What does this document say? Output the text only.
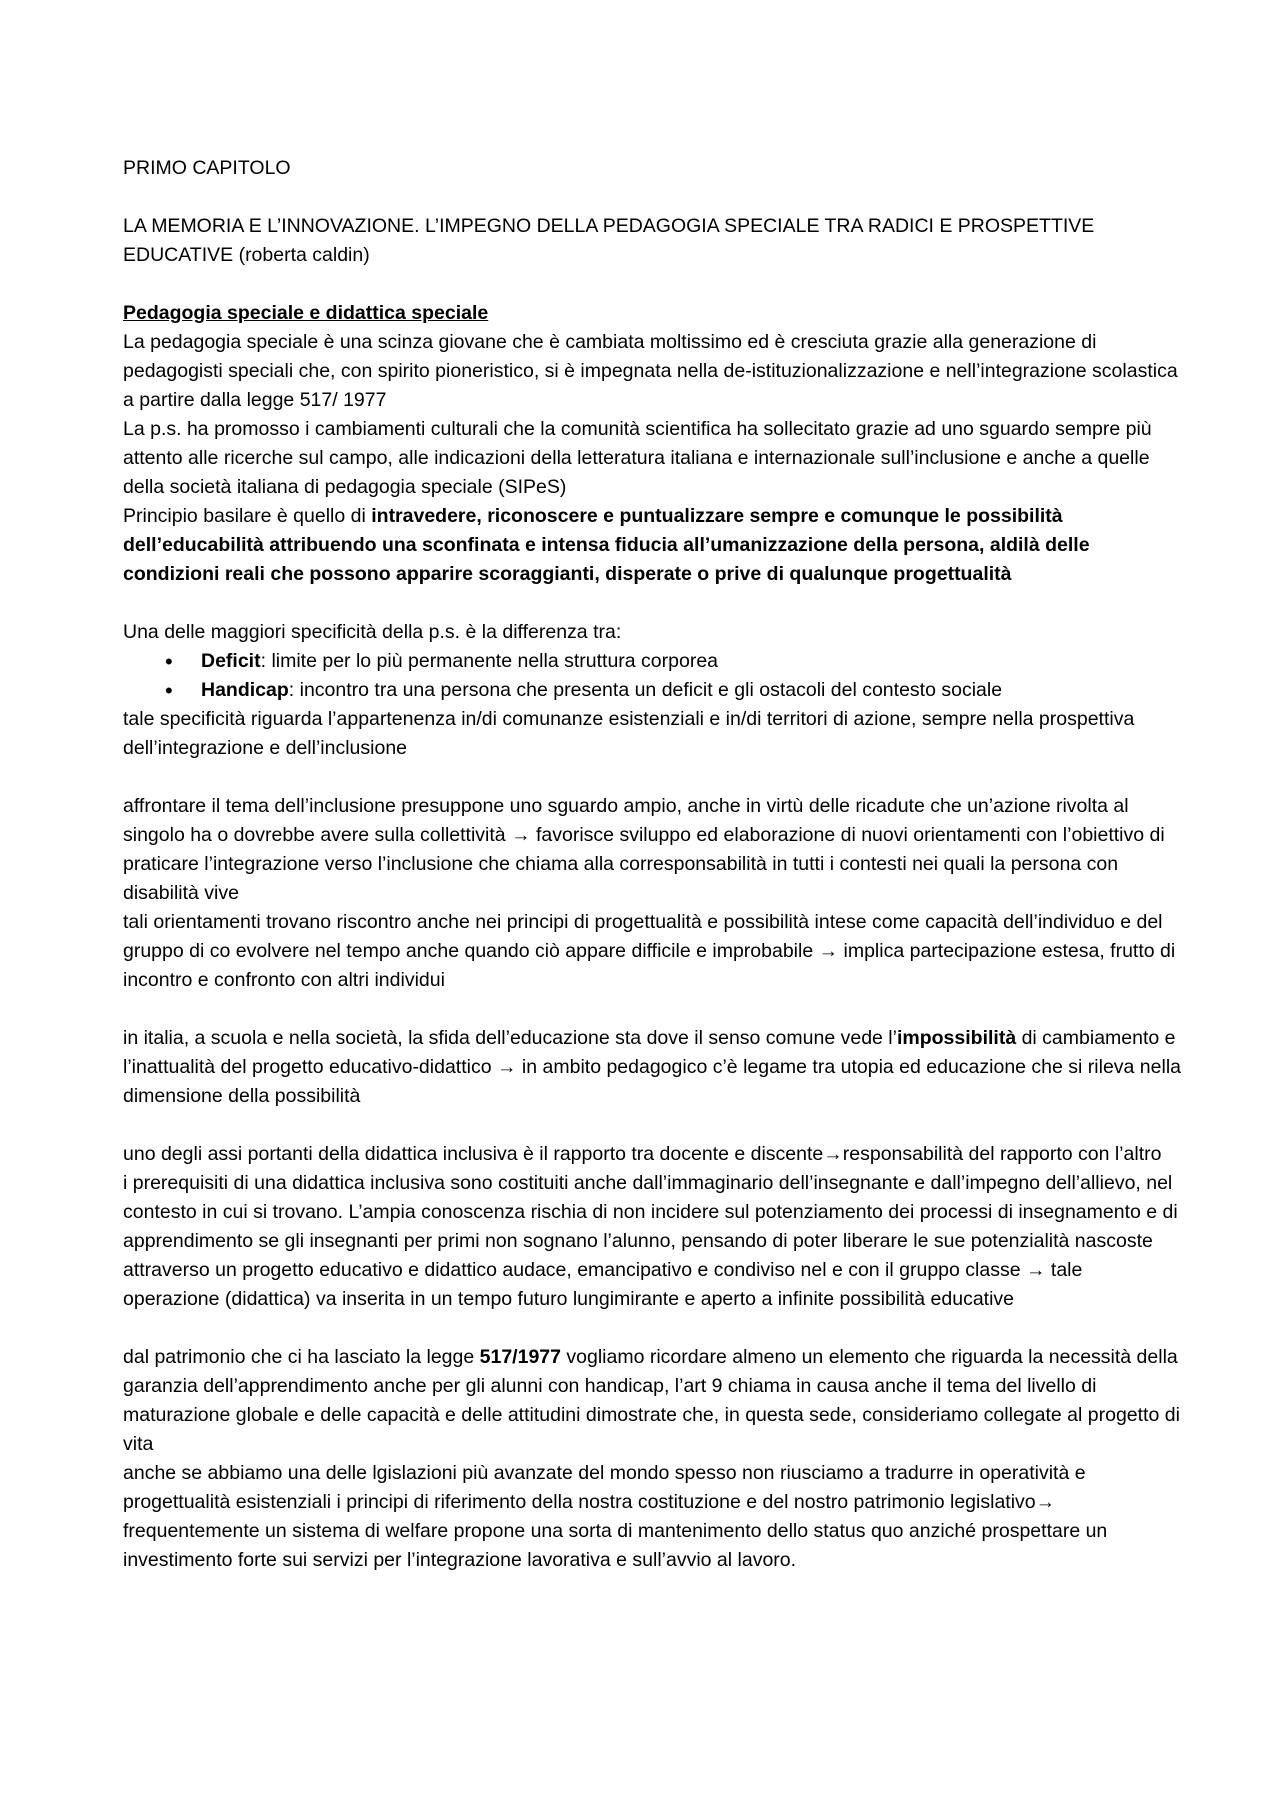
PRIMO CAPITOLO

LA MEMORIA E L’INNOVAZIONE. L’IMPEGNO DELLA PEDAGOGIA SPECIALE TRA RADICI E PROSPETTIVE EDUCATIVE (roberta caldin)

Pedagogia speciale e didattica speciale

La pedagogia speciale è una scinza giovane che è cambiata moltissimo ed è cresciuta grazie alla generazione di pedagogisti speciali che, con spirito pioneristico, si è impegnata nella de-istituzionalizzazione e nell’integrazione scolastica a partire dalla legge 517/ 1977

La p.s. ha promosso i cambiamenti culturali che la comunità scientifica ha sollecitato grazie ad uno sguardo sempre più attento alle ricerche sul campo, alle indicazioni della letteratura italiana e internazionale sull’inclusione e anche a quelle della società italiana di pedagogia speciale (SIPeS)

Principio basilare è quello di intravedere, riconoscere e puntualizzare sempre e comunque le possibilità dell’educabilità attribuendo una sconfinata e intensa fiducia all’umanizzazione della persona, aldilà delle condizioni reali che possono apparire scoraggianti, disperate o prive di qualunque progettualità

Una delle maggiori specificità della p.s. è la differenza tra:

• Deficit: limite per lo più permanente nella struttura corporea
• Handicap: incontro tra una persona che presenta un deficit e gli ostacoli del contesto sociale

tale specificità riguarda l’appartenenza in/di comunanze esistenziali e in/di territori di azione, sempre nella prospettiva dell’integrazione e dell’inclusione

affrontare il tema dell’inclusione presuppone uno sguardo ampio, anche in virtù delle ricadute che un’azione rivolta al singolo ha o dovrebbe avere sulla collettività → favorisce sviluppo ed elaborazione di nuovi orientamenti con l’obiettivo di praticare l’integrazione verso l’inclusione che chiama alla corresponsabilità in tutti i contesti nei quali la persona con disabilità vive

tali orientamenti trovano riscontro anche nei principi di progettualità e possibilità intese come capacità dell’individuo e del gruppo di co evolvere nel tempo anche quando ciò appare difficile e improbabile → implica partecipazione estesa, frutto di incontro e confronto con altri individui

in italia, a scuola e nella società, la sfida dell’educazione sta dove il senso comune vede l’impossibilità di cambiamento e l’inattualità del progetto educativo-didattico → in ambito pedagogico c’è legame tra utopia ed educazione che si rileva nella dimensione della possibilità

uno degli assi portanti della didattica inclusiva è il rapporto tra docente e discente→responsabilità del rapporto con l’altro

i prerequisiti di una didattica inclusiva sono costituiti anche dall’immaginario dell’insegnante e dall’impegno dell’allievo, nel contesto in cui si trovano. L’ampia conoscenza rischia di non incidere sul potenziamento dei processi di insegnamento e di apprendimento se gli insegnanti per primi non sognano l’alunno, pensando di poter liberare le sue potenzialità nascoste attraverso un progetto educativo e didattico audace, emancipativo e condiviso nel e con il gruppo classe → tale operazione (didattica) va inserita in un tempo futuro lungimirante e aperto a infinite possibilità educative

dal patrimonio che ci ha lasciato la legge 517/1977 vogliamo ricordare almeno un elemento che riguarda la necessità della garanzia dell’apprendimento anche per gli alunni con handicap, l’art 9 chiama in causa anche il tema del livello di maturazione globale e delle capacità e delle attitudini dimostrate che, in questa sede, consideriamo collegate al progetto di vita

anche se abbiamo una delle lgislazioni più avanzate del mondo spesso non riusciamo a tradurre in operatività e progettualità esistenziali i principi di riferimento della nostra costituzione e del nostro patrimonio legislativo→ frequentemente un sistema di welfare propone una sorta di mantenimento dello status quo anziché prospettare un investimento forte sui servizi per l’integrazione lavorativa e sull’avvio al lavoro.
